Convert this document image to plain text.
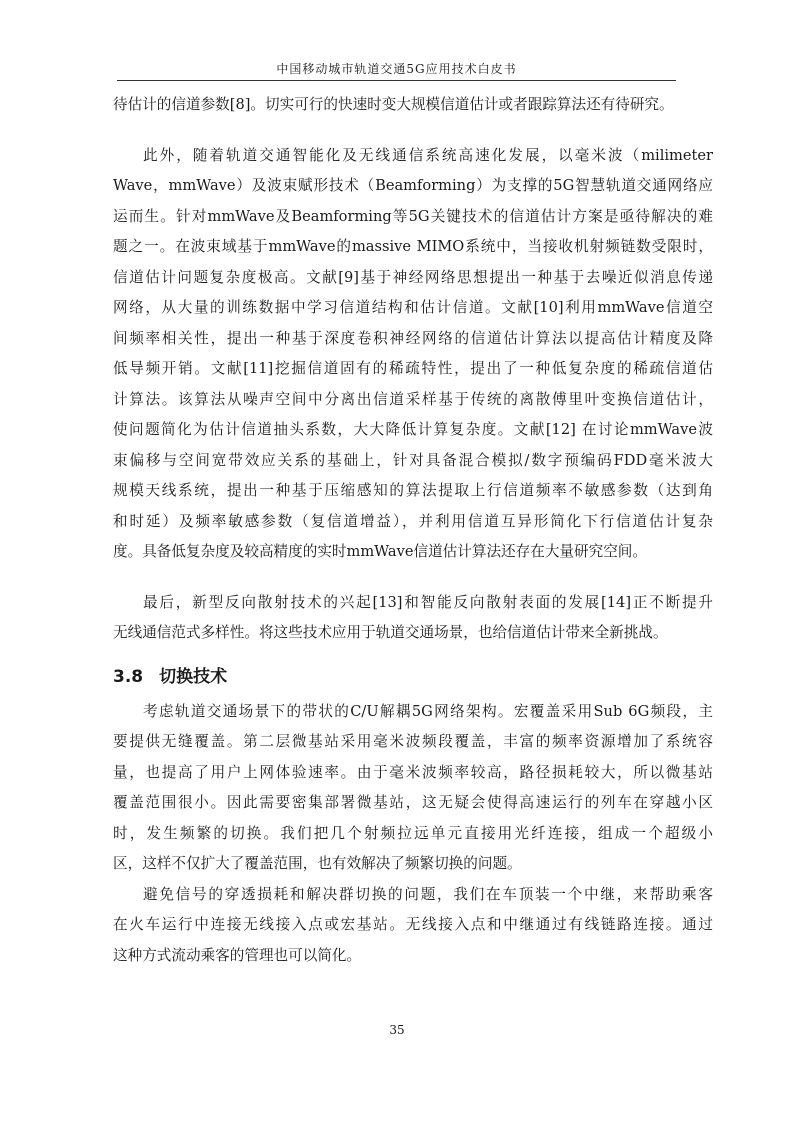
中国移动城市轨道交通5G应用技术白皮书
待估计的信道参数[8]。切实可行的快速时变大规模信道估计或者跟踪算法还有待研究。
此外，随着轨道交通智能化及无线通信系统高速化发展，以毫米波（milimeter
Wave，mmWave）及波束赋形技术（Beamforming）为支撑的5G智慧轨道交通网络应
运而生。针对mmWave及Beamforming等5G关键技术的信道估计方案是亟待解决的难
题之一。在波束域基于mmWave的massive MIMO系统中，当接收机射频链数受限时，
信道估计问题复杂度极高。文献[9]基于神经网络思想提出一种基于去噪近似消息传递
网络，从大量的训练数据中学习信道结构和估计信道。文献[10]利用mmWave信道空
间频率相关性，提出一种基于深度卷积神经网络的信道估计算法以提高估计精度及降
低导频开销。文献[11]挖掘信道固有的稀疏特性，提出了一种低复杂度的稀疏信道估
计算法。该算法从噪声空间中分离出信道采样基于传统的离散傅里叶变换信道估计，
使问题简化为估计信道抽头系数，大大降低计算复杂度。文献[12] 在讨论mmWave波
束偏移与空间宽带效应关系的基础上，针对具备混合模拟/数字预编码FDD毫米波大
规模天线系统，提出一种基于压缩感知的算法提取上行信道频率不敏感参数（达到角
和时延）及频率敏感参数（复信道增益），并利用信道互异形简化下行信道估计复杂
度。具备低复杂度及较高精度的实时mmWave信道估计算法还存在大量研究空间。
最后，新型反向散射技术的兴起[13]和智能反向散射表面的发展[14]正不断提升
无线通信范式多样性。将这些技术应用于轨道交通场景，也给信道估计带来全新挑战。
3.8 切换技术
考虑轨道交通场景下的带状的C/U解耦5G网络架构。宏覆盖采用Sub 6G频段，主
要提供无缝覆盖。第二层微基站采用毫米波频段覆盖，丰富的频率资源增加了系统容
量，也提高了用户上网体验速率。由于毫米波频率较高，路径损耗较大，所以微基站
覆盖范围很小。因此需要密集部署微基站，这无疑会使得高速运行的列车在穿越小区
时，发生频繁的切换。我们把几个射频拉远单元直接用光纤连接，组成一个超级小
区，这样不仅扩大了覆盖范围，也有效解决了频繁切换的问题。
避免信号的穿透损耗和解决群切换的问题，我们在车顶装一个中继，来帮助乘客
在火车运行中连接无线接入点或宏基站。无线接入点和中继通过有线链路连接。通过
这种方式流动乘客的管理也可以简化。
35
